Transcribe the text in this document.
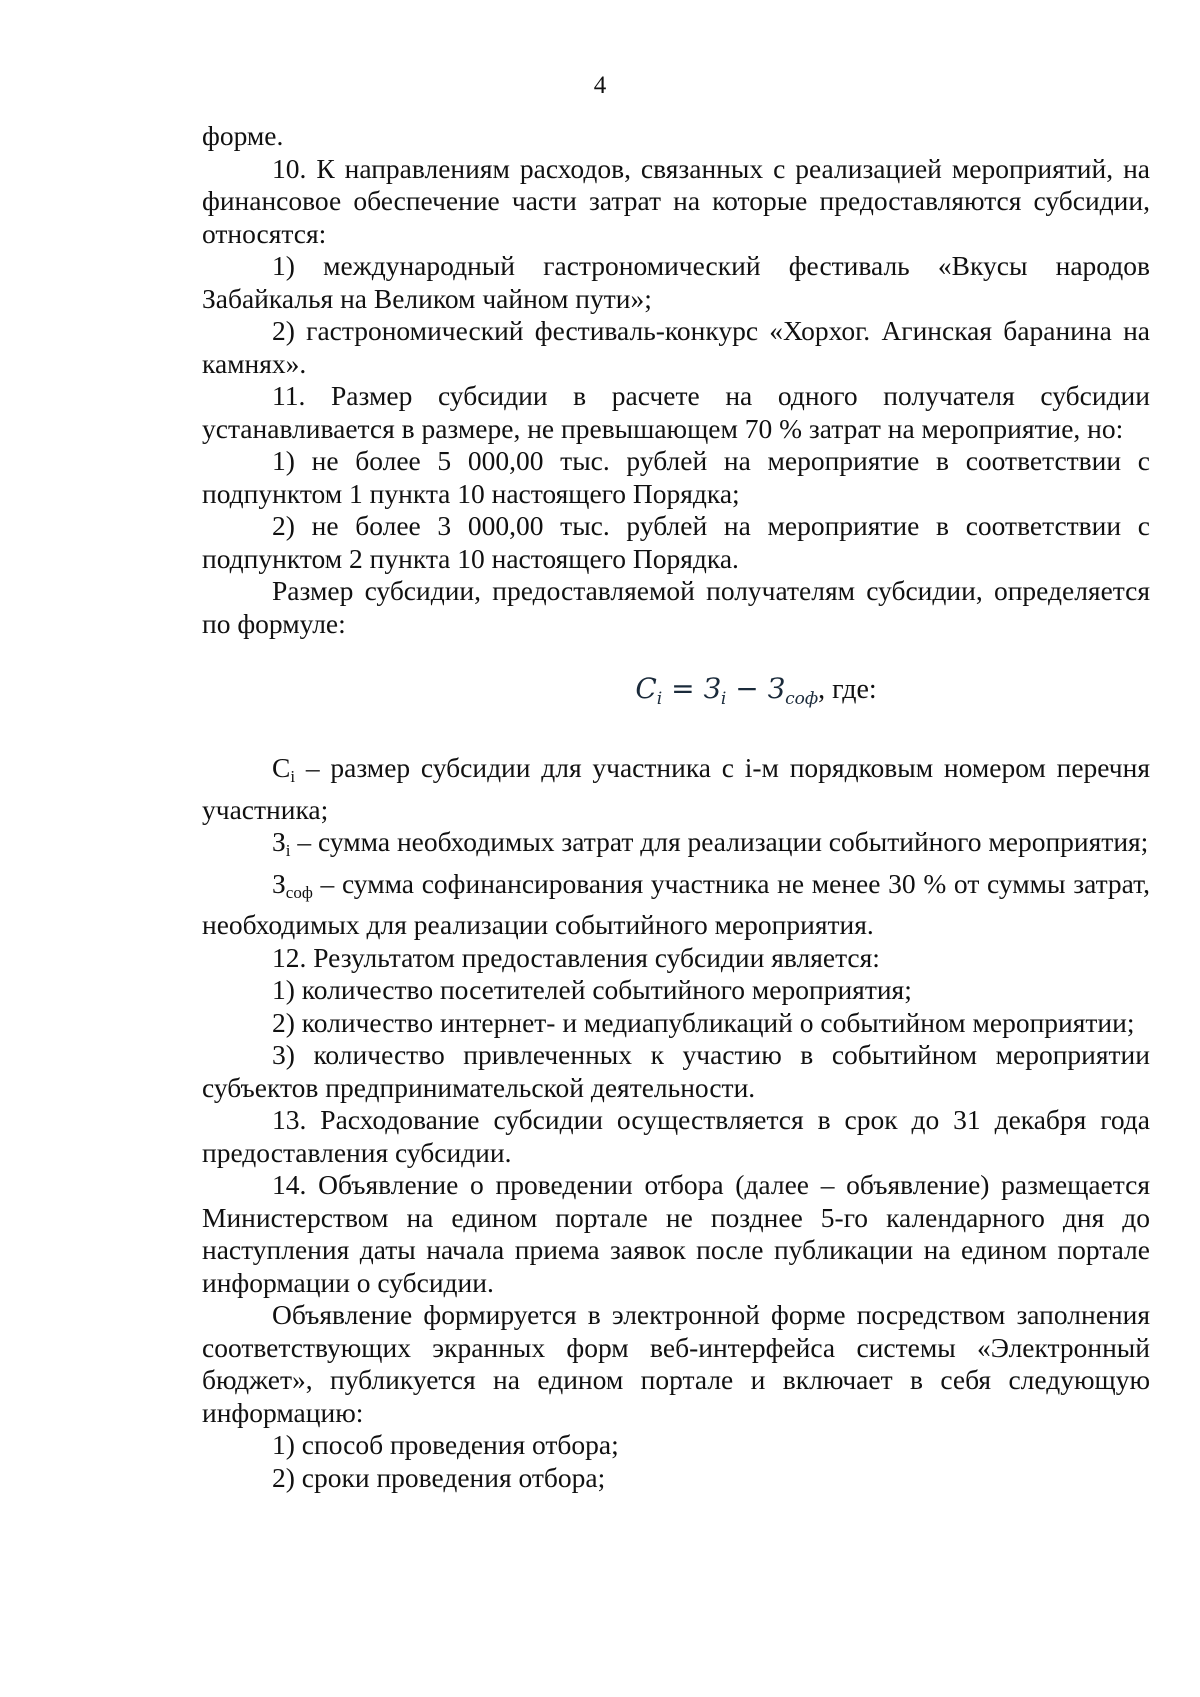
4

форме.

10. К направлениям расходов, связанных с реализацией мероприятий, на финансовое обеспечение части затрат на которые предоставляются субсидии, относятся:

1) международный гастрономический фестиваль «Вкусы народов Забайкалья на Великом чайном пути»;

2) гастрономический фестиваль-конкурс «Хорхог. Агинская баранина на камнях».

11. Размер субсидии в расчете на одного получателя субсидии устанавливается в размере, не превышающем 70 % затрат на мероприятие, но:

1) не более 5 000,00 тыс. рублей на мероприятие в соответствии с подпунктом 1 пункта 10 настоящего Порядка;

2) не более 3 000,00 тыс. рублей на мероприятие в соответствии с подпунктом 2 пункта 10 настоящего Порядка.

Размер субсидии, предоставляемой получателям субсидии, определяется по формуле:

$C_i = З_i - З_{соф}$, где:

Сi – размер субсидии для участника с i-м порядковым номером перечня участника;

Зi – сумма необходимых затрат для реализации событийного мероприятия;

Зсоф – сумма софинансирования участника не менее 30 % от суммы затрат, необходимых для реализации событийного мероприятия.

12. Результатом предоставления субсидии является:

1) количество посетителей событийного мероприятия;

2) количество интернет- и медиапубликаций о событийном мероприятии;

3) количество привлеченных к участию в событийном мероприятии субъектов предпринимательской деятельности.

13. Расходование субсидии осуществляется в срок до 31 декабря года предоставления субсидии.

14. Объявление о проведении отбора (далее – объявление) размещается Министерством на едином портале не позднее 5-го календарного дня до наступления даты начала приема заявок после публикации на едином портале информации о субсидии.

Объявление формируется в электронной форме посредством заполнения соответствующих экранных форм веб-интерфейса системы «Электронный бюджет», публикуется на едином портале и включает в себя следующую информацию:

1) способ проведения отбора;

2) сроки проведения отбора;
